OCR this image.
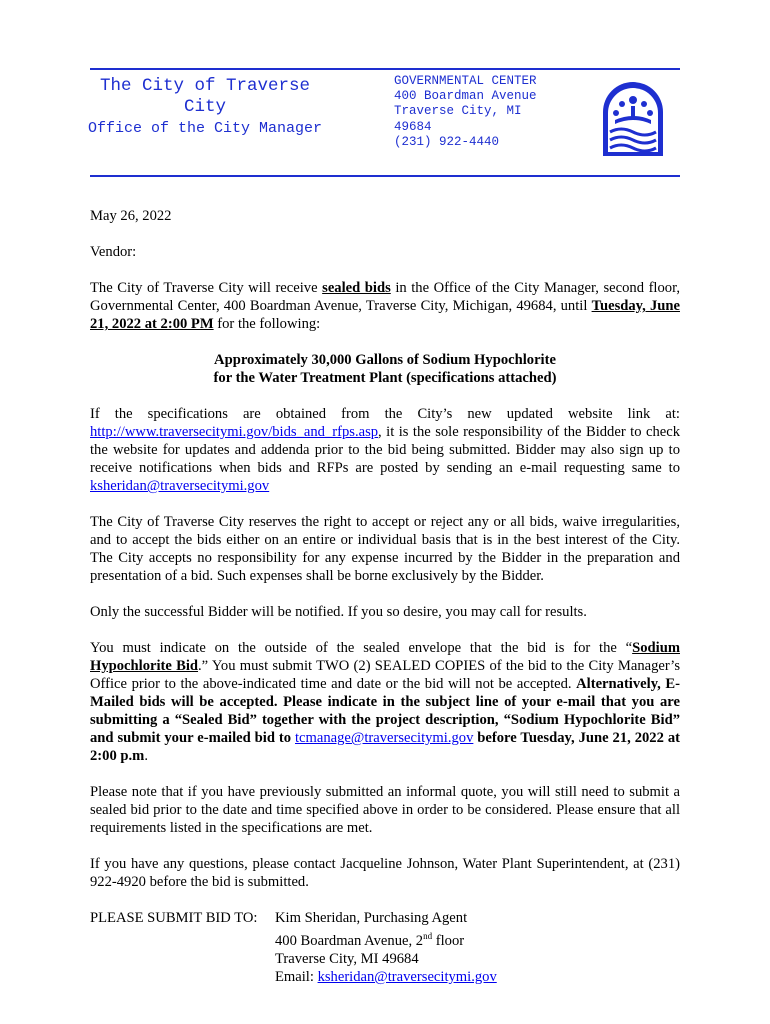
The City of Traverse
City
Office of the City Manager
GOVERNMENTAL CENTER
400 Boardman Avenue
Traverse City, MI
49684
(231) 922-4440

May 26, 2022

Vendor:

The City of Traverse City will receive sealed bids in the Office of the City Manager, second floor, Governmental Center, 400 Boardman Avenue, Traverse City, Michigan, 49684, until Tuesday, June 21, 2022 at 2:00 PM for the following:

Approximately 30,000 Gallons of Sodium Hypochlorite

for the Water Treatment Plant (specifications attached)

If the specifications are obtained from the City’s new updated website link at: http://www.traversecitymi.gov/bids_and_rfps.asp, it is the sole responsibility of the Bidder to check the website for updates and addenda prior to the bid being submitted. Bidder may also sign up to receive notifications when bids and RFPs are posted by sending an e-mail requesting same to ksheridan@traversecitymi.gov

The City of Traverse City reserves the right to accept or reject any or all bids, waive irregularities, and to accept the bids either on an entire or individual basis that is in the best interest of the City. The City accepts no responsibility for any expense incurred by the Bidder in the preparation and presentation of a bid. Such expenses shall be borne exclusively by the Bidder.

Only the successful Bidder will be notified. If you so desire, you may call for results.

You must indicate on the outside of the sealed envelope that the bid is for the “Sodium Hypochlorite Bid.” You must submit TWO (2) SEALED COPIES of the bid to the City Manager’s Office prior to the above-indicated time and date or the bid will not be accepted. Alternatively, E-Mailed bids will be accepted. Please indicate in the subject line of your e-mail that you are submitting a “Sealed Bid” together with the project description, “Sodium Hypochlorite Bid” and submit your e-mailed bid to tcmanage@traversecitymi.gov before Tuesday, June 21, 2022 at 2:00 p.m.

Please note that if you have previously submitted an informal quote, you will still need to submit a sealed bid prior to the date and time specified above in order to be considered. Please ensure that all requirements listed in the specifications are met.

If you have any questions, please contact Jacqueline Johnson, Water Plant Superintendent, at (231) 922-4920 before the bid is submitted.

PLEASE SUBMIT BID TO:	Kim Sheridan, Purchasing Agent
400 Boardman Avenue, 2nd floor
Traverse City, MI 49684
Email: ksheridan@traversecitymi.gov
